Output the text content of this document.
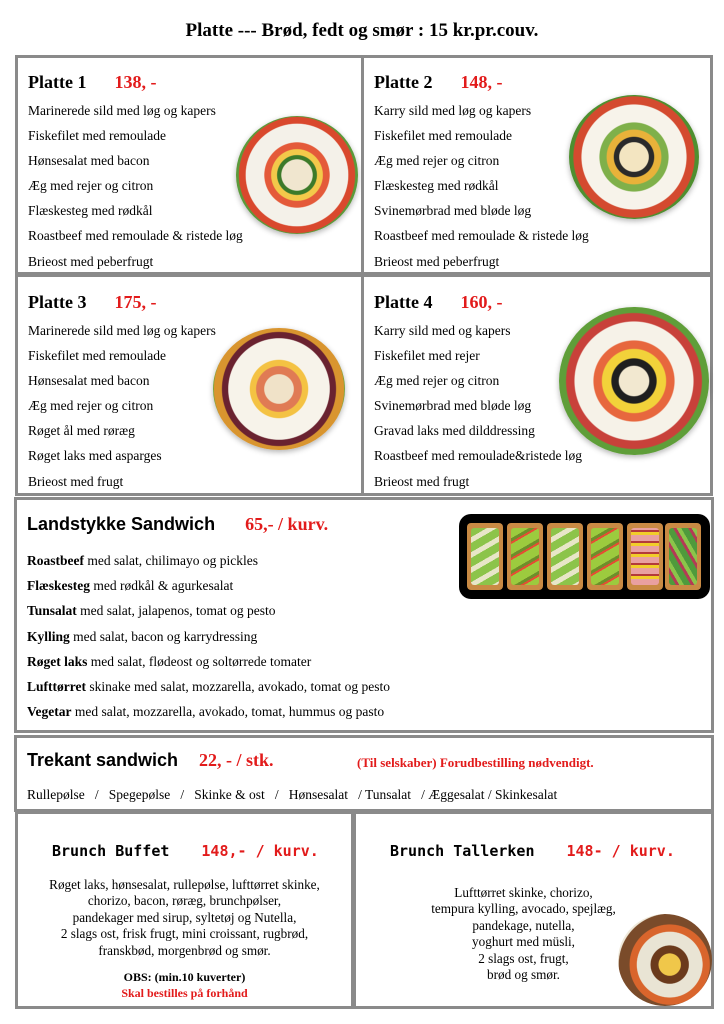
Platte --- Brød, fedt og smør : 15 kr.pr.couv.
Platte 1 138, -
Marinerede sild med løg og kapers
Fiskefilet med remoulade
Hønsesalat med bacon
Æg med rejer og citron
Flæskesteg med rødkål
Roastbeef med remoulade & ristede løg
Brieost med peberfrugt
Platte 2 148, -
Karry sild med løg og kapers
Fiskefilet med remoulade
Æg med rejer og citron
Flæskesteg med rødkål
Svinemørbrad med bløde løg
Roastbeef med remoulade & ristede løg
Brieost med peberfrugt
Platte 3 175, -
Marinerede sild med løg og kapers
Fiskefilet med remoulade
Hønsesalat med bacon
Æg med rejer og citron
Røget ål med røræg
Røget laks med asparges
Brieost med frugt
Platte 4 160, -
Karry sild med og kapers
Fiskefilet med rejer
Æg med rejer og citron
Svinemørbrad med bløde løg
Gravad laks med dilddressing
Roastbeef med remoulade&ristede løg
Brieost med frugt
Landstykke Sandwich 65,- / kurv.
Roastbeef med salat, chilimayo og pickles
Flæskesteg med rødkål & agurkesalat
Tunsalat med salat, jalapenos, tomat og pesto
Kylling med salat, bacon og karrydressing
Røget laks med salat, flødeost og soltørrede tomater
Lufttørret skinake med salat, mozzarella, avokado, tomat og pesto
Vegetar med salat, mozzarella, avokado, tomat, hummus og pasto
Trekant sandwich 22, - / stk.	(Til selskaber) Forudbestilling nødvendigt.
Rullepølse   /   Spegepølse   /   Skinke & ost   /   Hønsesalat   / Tunsalat   / Æggesalat / Skinkesalat
Brunch Buffet 148,- / kurv.
Røget laks, hønsesalat, rullepølse, lufttørret skinke,
chorizo, bacon, røræg, brunchpølser,
pandekager med sirup, syltetøj og Nutella,
2 slags ost, frisk frugt, mini croissant, rugbrød,
franskbød, morgenbrød og smør.
OBS: (min.10 kuverter)
Skal bestilles på forhånd
Brunch Tallerken 148- / kurv.
Lufttørret skinke, chorizo,
tempura kylling, avocado, spejlæg,
pandekage, nutella,
yoghurt med müsli,
2 slags ost, frugt,
brød og smør.
